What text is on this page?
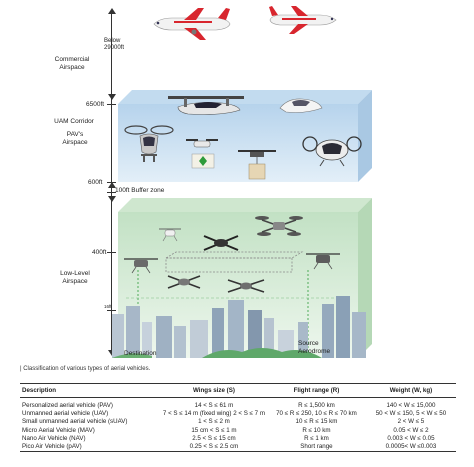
Below
29000ft
6500ft
600ft
100ft Buffer zone
400ft
16ft
Commercial
Airspace
UAM Corridor
PAV's
Airspace
Low-Level
Airspace
Destination
Source
Aerodrome
| Classification of various types of aerial vehicles.
Description	Wings size (S)	Flight range (R)	Weight (W, kg)
Personalized aerial vehicle (PAV)	14 < S ≤ 61 m	R ≤ 1,500 km	140 < W ≤ 15,000
Unmanned aerial vehicle (UAV)	7 < S ≤ 14 m (fixed wing) 2 < S ≤ 7 m	70 ≤ R ≤ 250, 10 ≤ R ≤ 70 km	50 < W ≤ 150, 5 < W ≤ 50
Small unmanned aerial vehicle (sUAV)	1 < S ≤ 2 m	10 ≤ R ≤ 15 km	2 < W ≤ 5
Micro Aerial Vehicle (MAV)	15 cm < S ≤ 1 m	R ≤ 10 km	0.05 < W ≤ 2
Nano Air Vehicle (NAV)	2.5 < S ≤ 15 cm	R ≤ 1 km	0.003 < W ≤ 0.05
Pico Air Vehicle (pAV)	0.25 < S ≤ 2.5 cm	Short range	0.0005< W ≤0.003
